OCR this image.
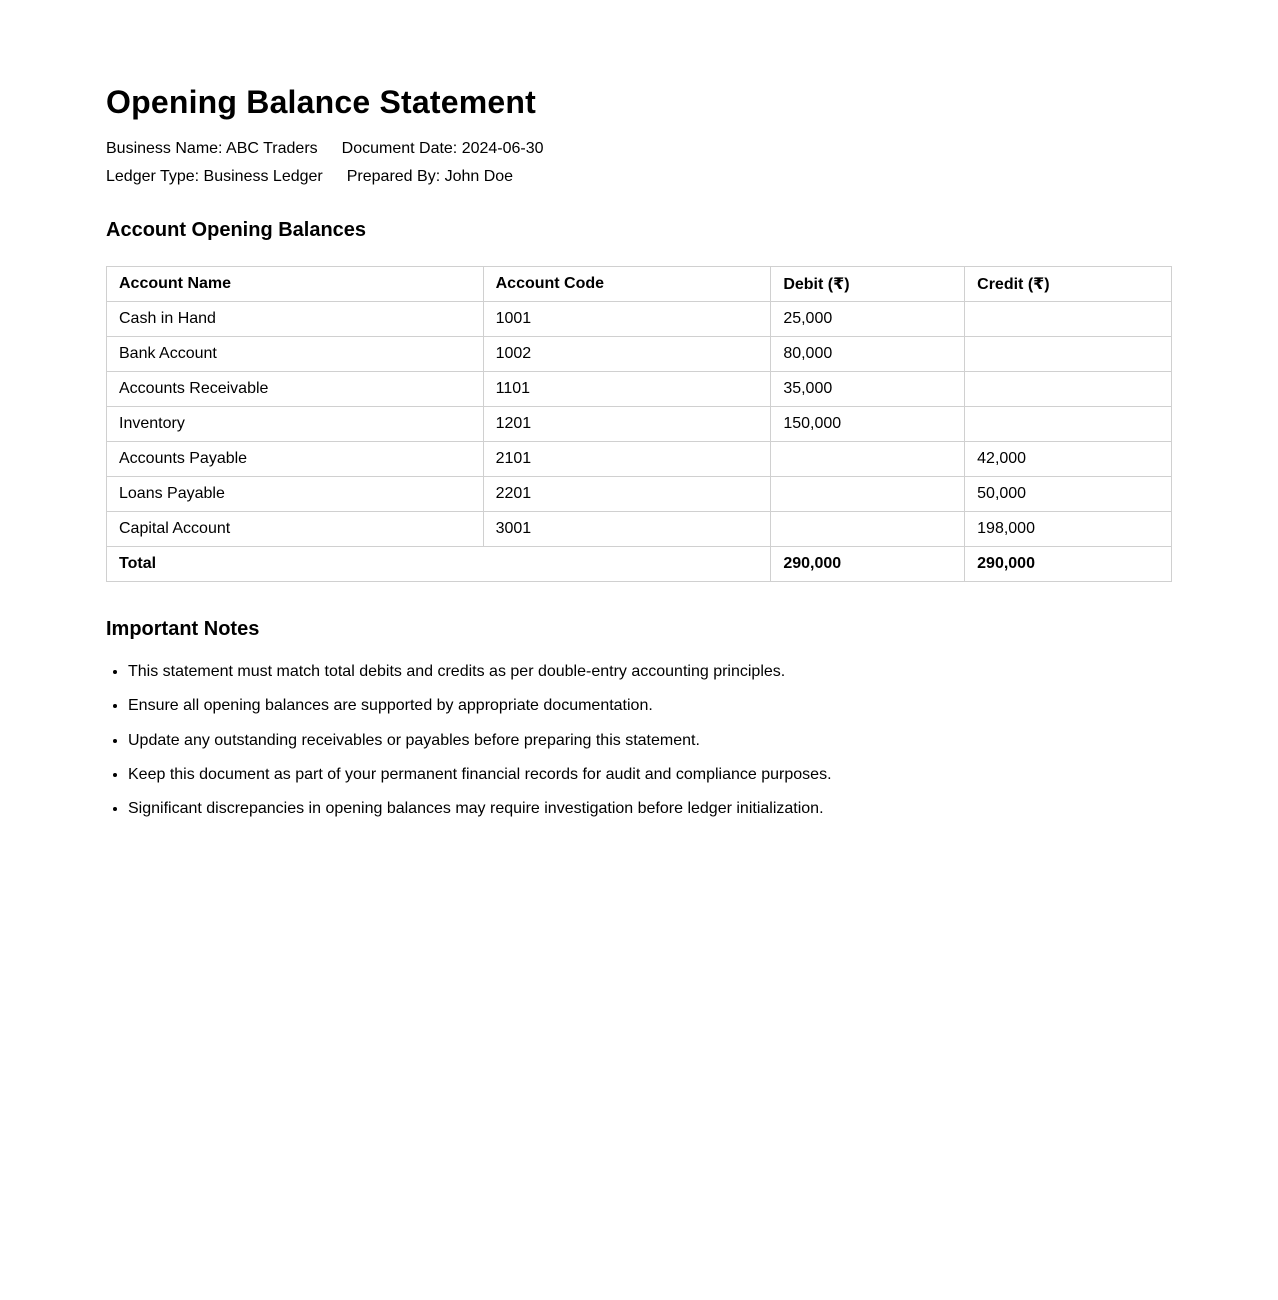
Opening Balance Statement
Business Name: ABC Traders Document Date: 2024-06-30
Ledger Type: Business Ledger Prepared By: John Doe
Account Opening Balances
Account Name	Account Code	Debit (₹)	Credit (₹)
Cash in Hand	1001	25,000	
Bank Account	1002	80,000	
Accounts Receivable	1101	35,000	
Inventory	1201	150,000	
Accounts Payable	2101		42,000
Loans Payable	2201		50,000
Capital Account	3001		198,000
Total		290,000	290,000
Important Notes
• This statement must match total debits and credits as per double-entry accounting principles.
• Ensure all opening balances are supported by appropriate documentation.
• Update any outstanding receivables or payables before preparing this statement.
• Keep this document as part of your permanent financial records for audit and compliance purposes.
• Significant discrepancies in opening balances may require investigation before ledger initialization.
